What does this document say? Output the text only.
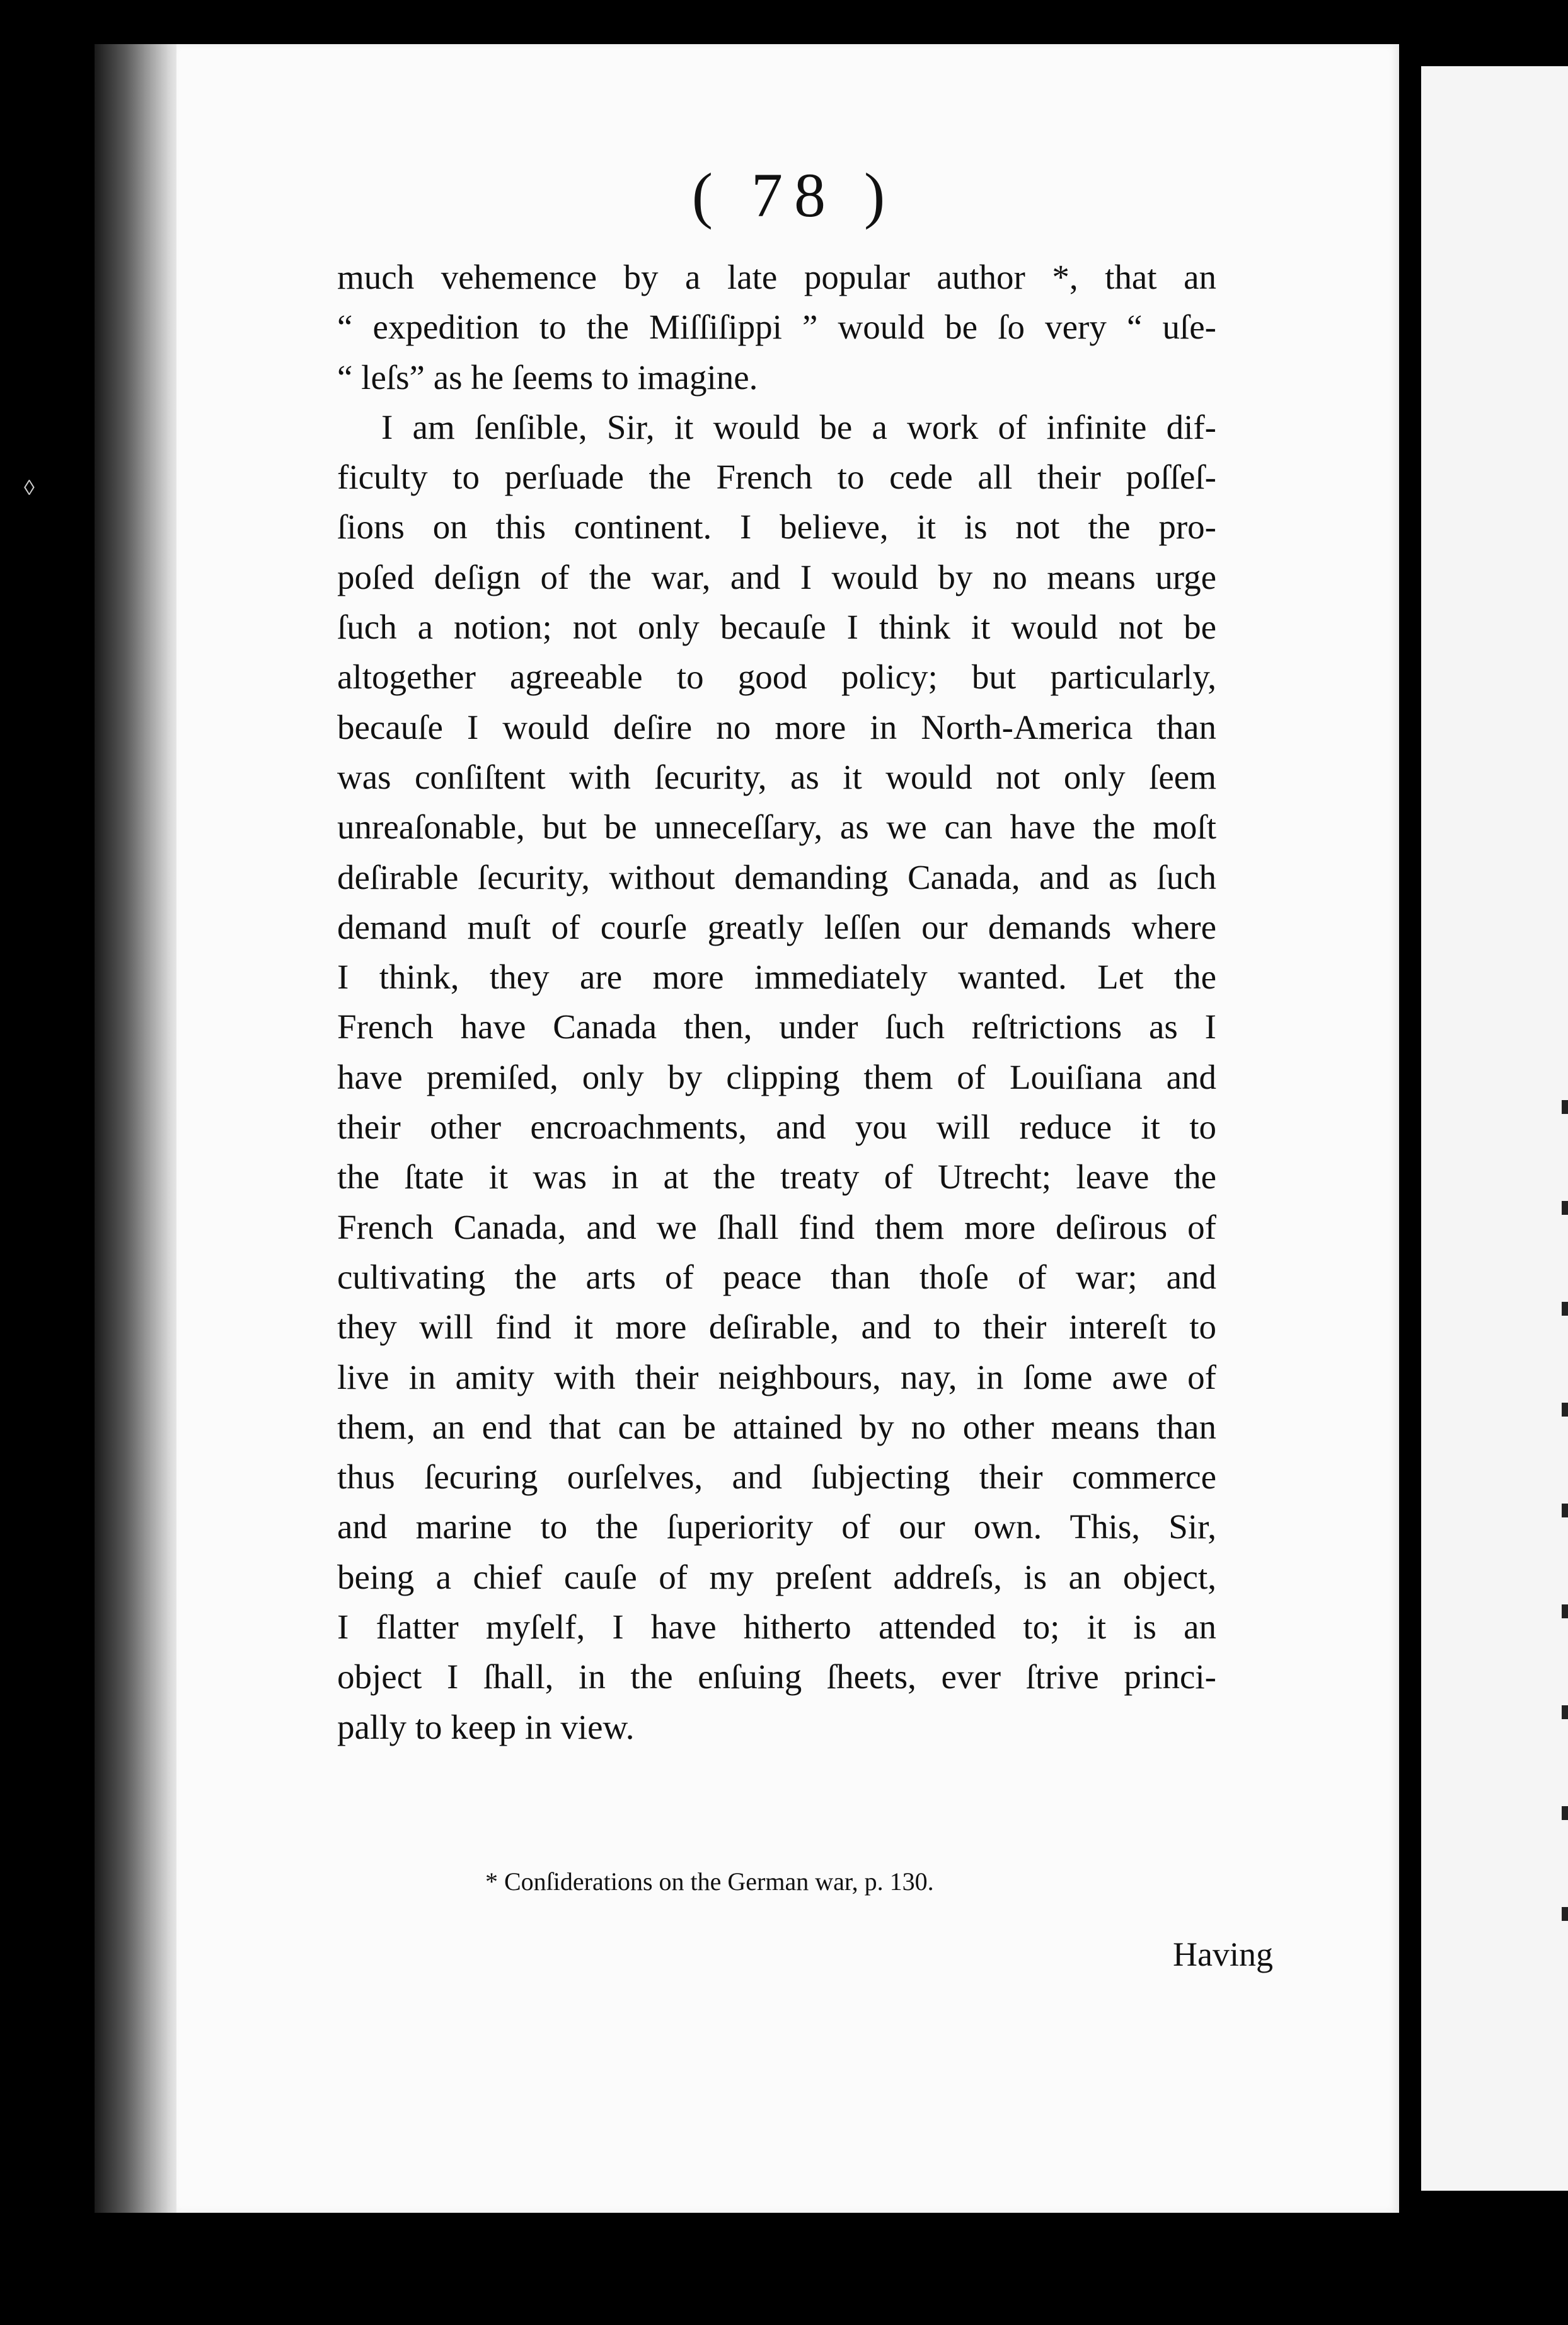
◊
( 78 )
much vehemence by a late popular author *, that an
“ expedition to the Miſſiſippi ” would be ſo very “ uſe-
“ leſs” as he ſeems to imagine.
I am ſenſible, Sir, it would be a work of infinite dif-
ficulty to perſuade the French to cede all their poſſeſ-
ſions on this continent. I believe, it is not the pro-
poſed deſign of the war, and I would by no means urge
ſuch a notion; not only becauſe I think it would not be
altogether agreeable to good policy; but particularly,
becauſe I would deſire no more in North-America than
was conſiſtent with ſecurity, as it would not only ſeem
unreaſonable, but be unneceſſary, as we can have the moſt
deſirable ſecurity, without demanding Canada, and as ſuch
demand muſt of courſe greatly leſſen our demands where
I think, they are more immediately wanted. Let the
French have Canada then, under ſuch reſtrictions as I
have premiſed, only by clipping them of Louiſiana and
their other encroachments, and you will reduce it to
the ſtate it was in at the treaty of Utrecht; leave the
French Canada, and we ſhall find them more deſirous of
cultivating the arts of peace than thoſe of war; and
they will find it more deſirable, and to their intereſt to
live in amity with their neighbours, nay, in ſome awe of
them, an end that can be attained by no other means than
thus ſecuring ourſelves, and ſubjecting their commerce
and marine to the ſuperiority of our own. This, Sir,
being a chief cauſe of my preſent addreſs, is an object,
I flatter myſelf, I have hitherto attended to; it is an
object I ſhall, in the enſuing ſheets, ever ſtrive princi-
pally to keep in view.
* Conſiderations on the German war, p. 130.
Having
